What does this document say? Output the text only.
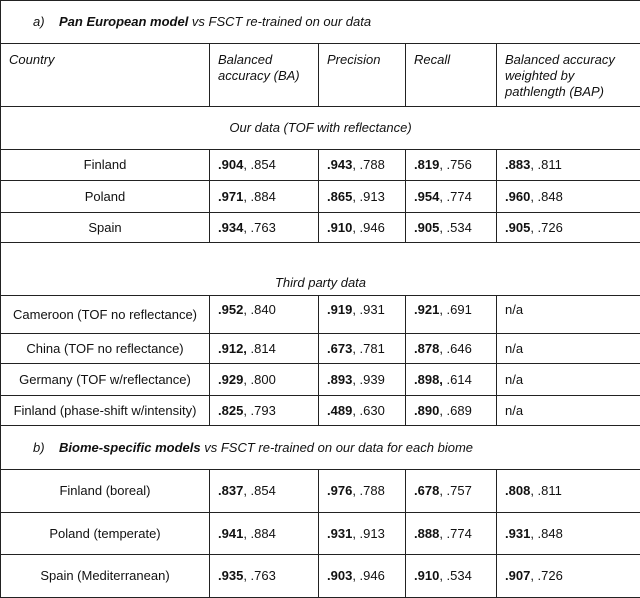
a) Pan European model vs FSCT re-trained on our data				
Country	Balanced accuracy (BA)	Precision	Recall	Balanced accuracy weighted by pathlength (BAP)
Our data (TOF with reflectance)				
Finland	.904, .854	.943, .788	.819, .756	.883, .811
Poland	.971, .884	.865, .913	.954, .774	.960, .848
Spain	.934, .763	.910, .946	.905, .534	.905, .726
Third party data				
Cameroon (TOF no reflectance)	.952, .840	.919, .931	.921, .691	n/a
China (TOF no reflectance)	.912, .814	.673, .781	.878, .646	n/a
Germany (TOF w/reflectance)	.929, .800	.893, .939	.898, .614	n/a
Finland (phase-shift w/intensity)	.825, .793	.489, .630	.890, .689	n/a
b) Biome-specific models vs FSCT re-trained on our data for each biome				
Finland (boreal)	.837, .854	.976, .788	.678, .757	.808, .811
Poland (temperate)	.941, .884	.931, .913	.888, .774	.931, .848
Spain (Mediterranean)	.935, .763	.903, .946	.910, .534	.907, .726
